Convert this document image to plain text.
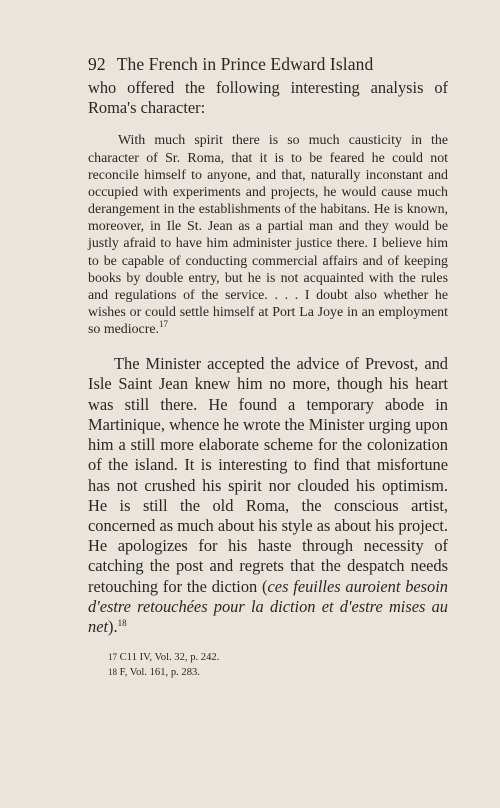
92 The French in Prince Edward Island

who offered the following interesting analysis of Roma's character:

With much spirit there is so much causticity in the character of Sr. Roma, that it is to be feared he could not reconcile himself to anyone, and that, naturally inconstant and occupied with experiments and projects, he would cause much derangement in the establishments of the habitans. He is known, moreover, in Ile St. Jean as a partial man and they would be justly afraid to have him administer justice there. I believe him to be capable of conducting commercial affairs and of keeping books by double entry, but he is not acquainted with the rules and regulations of the service. . . . I doubt also whether he wishes or could settle himself at Port La Joye in an employment so mediocre.$^{17}$

The Minister accepted the advice of Prevost, and Isle Saint Jean knew him no more, though his heart was still there. He found a temporary abode in Martinique, whence he wrote the Minister urging upon him a still more elaborate scheme for the colonization of the island. It is interesting to find that misfortune has not crushed his spirit nor clouded his optimism. He is still the old Roma, the conscious artist, concerned as much about his style as about his project. He apologizes for his haste through necessity of catching the post and regrets that the despatch needs retouching for the diction (ces feuilles auroient besoin d'estre retouchées pour la diction et d'estre mises au net).$^{18}$

17 C11 IV, Vol. 32, p. 242.
18 F, Vol. 161, p. 283.
